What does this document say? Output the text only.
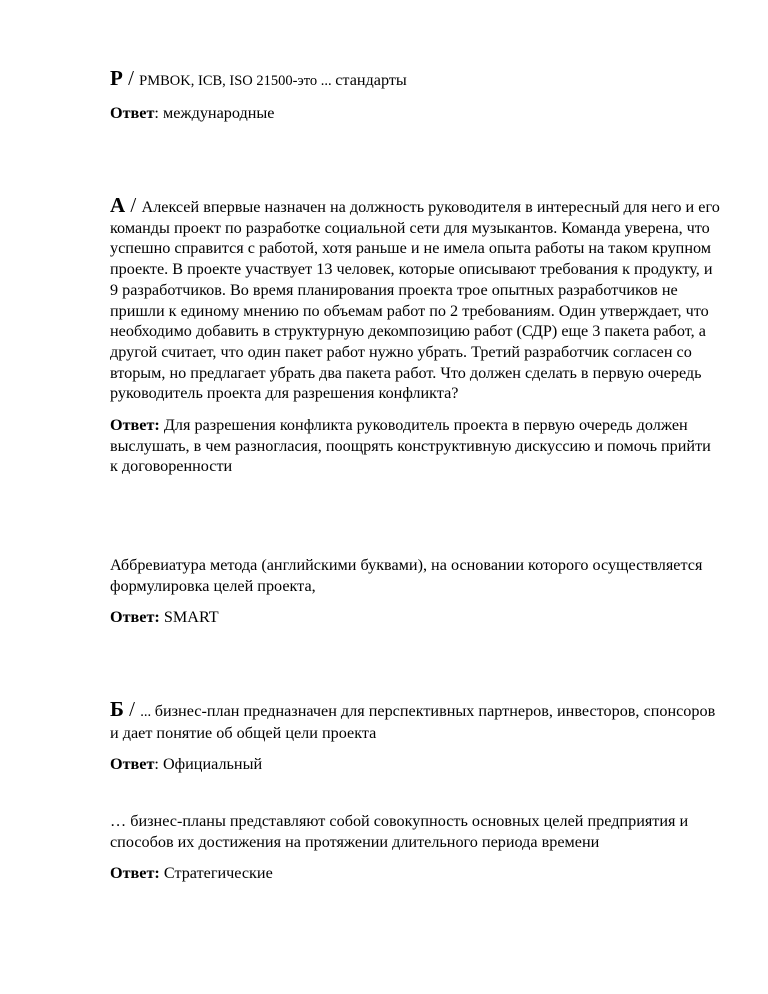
P / PMBOK, ICB, ISO 21500-это ... стандарты

Ответ: международные

A / Алексей впервые назначен на должность руководителя в интересный для него и его команды проект по разработке социальной сети для музыкантов. Команда уверена, что успешно справится с работой, хотя раньше и не имела опыта работы на таком крупном проекте. В проекте участвует 13 человек, которые описывают требования к продукту, и 9 разработчиков. Во время планирования проекта трое опытных разработчиков не пришли к единому мнению по объемам работ по 2 требованиям. Один утверждает, что необходимо добавить в структурную декомпозицию работ (СДР) еще 3 пакета работ, а другой считает, что один пакет работ нужно убрать. Третий разработчик согласен со вторым, но предлагает убрать два пакета работ. Что должен сделать в первую очередь руководитель проекта для разрешения конфликта?

Ответ: Для разрешения конфликта руководитель проекта в первую очередь должен выслушать, в чем разногласия, поощрять конструктивную дискуссию и помочь прийти к договоренности

Аббревиатура метода (английскими буквами), на основании которого осуществляется формулировка целей проекта,

Ответ: SMART

Б / ... бизнес-план предназначен для перспективных партнеров, инвесторов, спонсоров и дает понятие об общей цели проекта

Ответ: Официальный

… бизнес-планы представляют собой совокупность основных целей предприятия и способов их достижения на протяжении длительного периода времени

Ответ: Стратегические
